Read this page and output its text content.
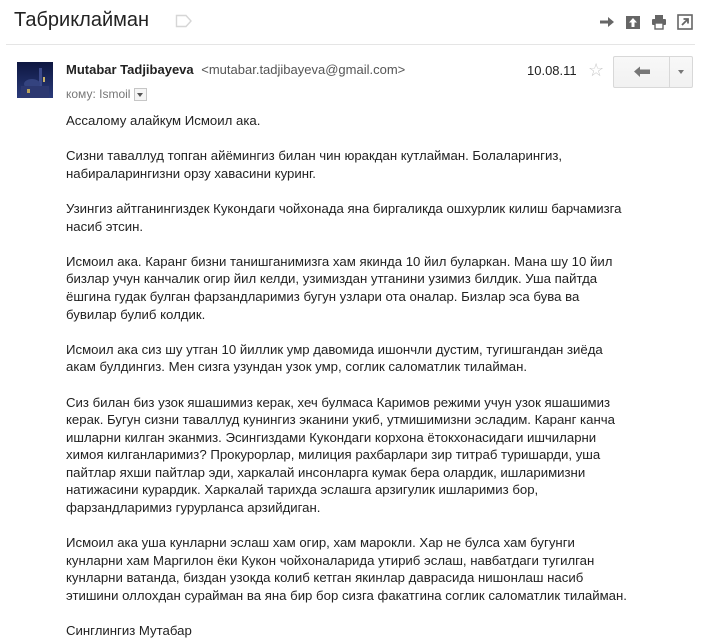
Табриклайман
Mutabar Tadjibayeva <mutabar.tadjibayeva@gmail.com>
кому:
Ismoil
10.08.11 ☆

Ассалому алайкум Исмоил ака.

Сизни таваллуд топган айёмингиз билан чин юракдан кутлайман. Болаларингиз,
набираларингизни орзу хавасини куринг.

Узингиз айтганингиздек Кукондаги чойхонада яна биргаликда ошхурлик килиш барчамизга
насиб этсин.

Исмоил ака. Каранг бизни танишганимизга хам якинда 10 йил буларкан. Мана шу 10 йил
бизлар учун канчалик огир йил келди, узимиздан утганини узимиз билдик. Уша пайтда
ёшгина гудак булган фарзандларимиз бугун узлари ота оналар. Бизлар эса бува ва
бувилар булиб колдик.

Исмоил ака сиз шу утган 10 йиллик умр давомида ишончли дустим, тугишгандан зиёда
акам булдингиз. Мен сизга узундан узок умр, соглик саломатлик тилайман.

Сиз билан биз узок яшашимиз керак, хеч булмаса Каримов режими учун узок яшашимиз
керак. Бугун сизни таваллуд кунингиз эканини укиб, утмишимизни эсладим. Каранг канча
ишларни килган эканмиз. Эсингиздами Кукондаги корхона ётокхонасидаги ишчиларни
химоя килганларимиз? Прокурорлар, милиция рахбарлари зир титраб туришарди, уша
пайтлар яхши пайтлар эди, харкалай инсонларга кумак бера олардик, ишларимизни
натижасини курардик. Харкалай тарихда эслашга арзигулик ишларимиз бор,
фарзандларимиз гурурланса арзийдиган.

Исмоил ака уша кунларни эслаш хам огир, хам марокли. Хар не булса хам бугунги
кунларни хам Маргилон ёки Кукон чойхоналарида утириб эслаш, навбатдаги тугилган
кунларни ватанда, биздан узокда колиб кетган якинлар даврасида нишонлаш насиб
этишини оллохдан сурайман ва яна бир бор сизга факатгина соглик саломатлик тилайман.

Синглингиз Мутабар
